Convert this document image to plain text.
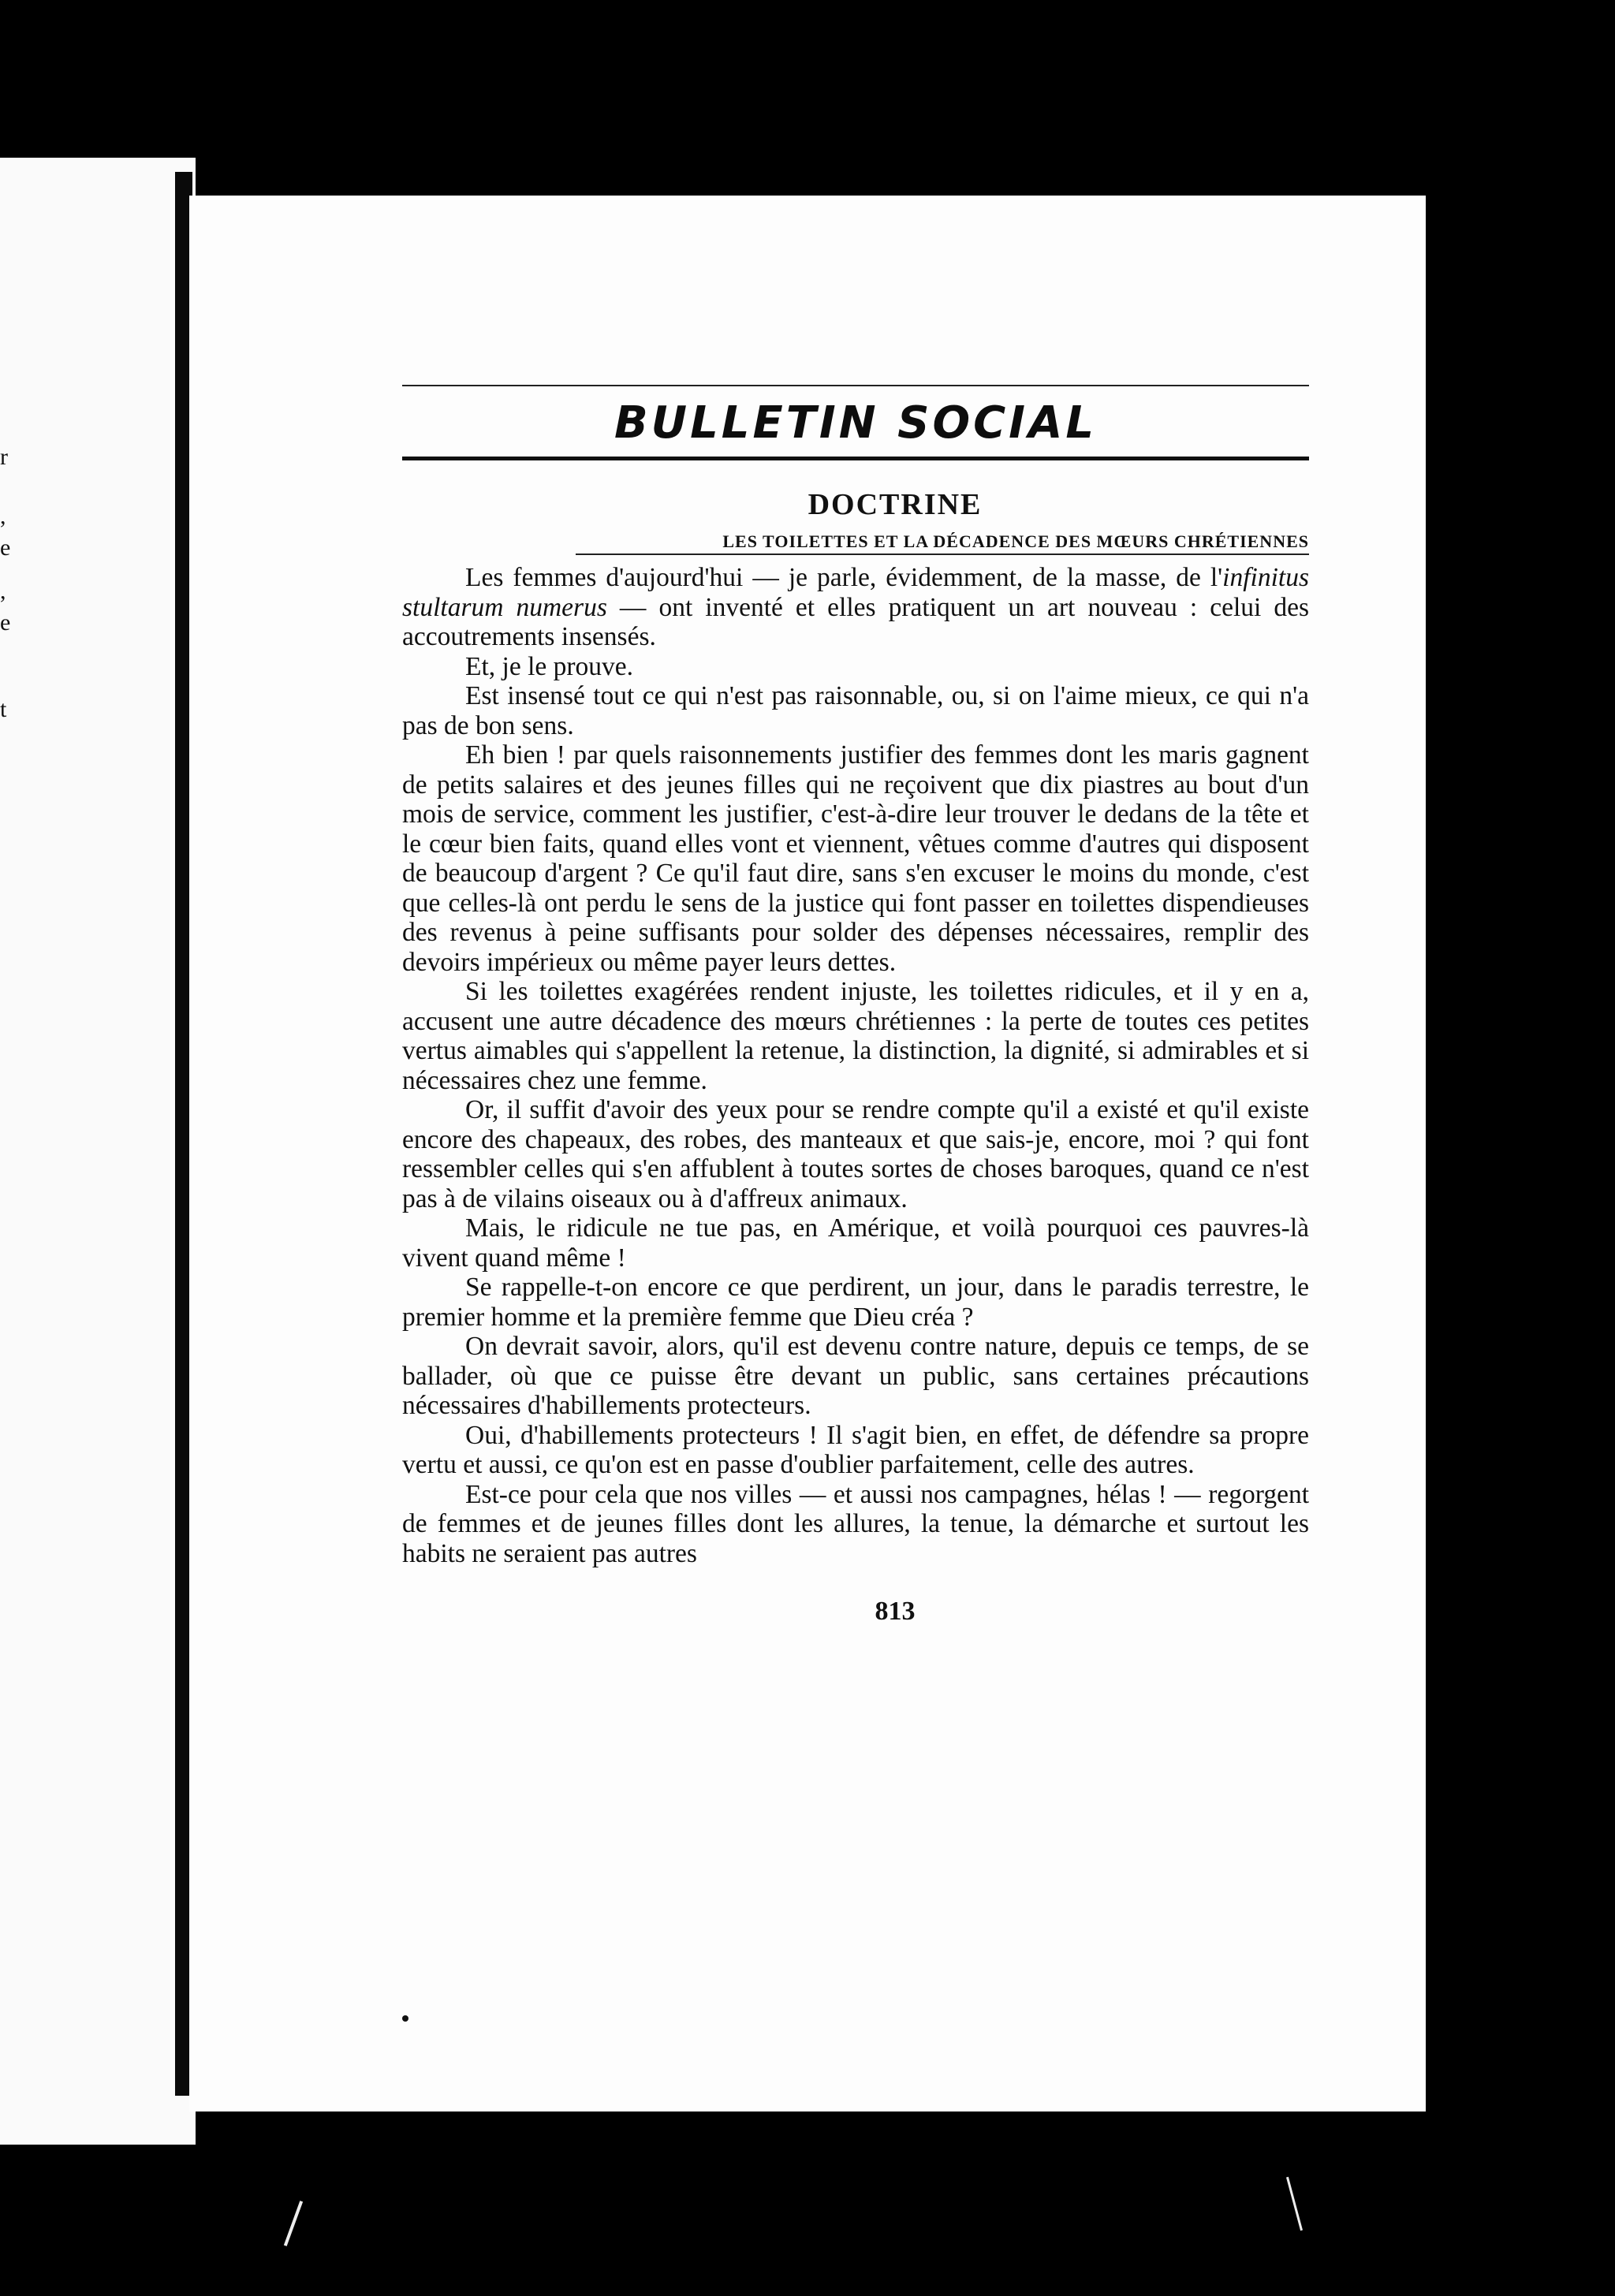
r
,
e
,
e
t
BULLETIN SOCIAL
DOCTRINE
LES TOILETTES ET LA DÉCADENCE DES MŒURS CHRÉTIENNES

Les femmes d'aujourd'hui — je parle, évidemment, de la masse, de l'infinitus stultarum numerus — ont inventé et elles pratiquent un art nouveau : celui des accoutrements insensés.

Et, je le prouve.

Est insensé tout ce qui n'est pas raisonnable, ou, si on l'aime mieux, ce qui n'a pas de bon sens.

Eh bien ! par quels raisonnements justifier des femmes dont les maris gagnent de petits salaires et des jeunes filles qui ne reçoivent que dix piastres au bout d'un mois de service, comment les justifier, c'est-à-dire leur trouver le dedans de la tête et le cœur bien faits, quand elles vont et viennent, vêtues comme d'autres qui disposent de beaucoup d'argent ? Ce qu'il faut dire, sans s'en excuser le moins du monde, c'est que celles-là ont perdu le sens de la justice qui font passer en toilettes dispendieuses des revenus à peine suffisants pour solder des dépenses nécessaires, remplir des devoirs impérieux ou même payer leurs dettes.

Si les toilettes exagérées rendent injuste, les toilettes ridicules, et il y en a, accusent une autre décadence des mœurs chrétiennes : la perte de toutes ces petites vertus aimables qui s'appellent la retenue, la distinction, la dignité, si admirables et si nécessaires chez une femme.

Or, il suffit d'avoir des yeux pour se rendre compte qu'il a existé et qu'il existe encore des chapeaux, des robes, des manteaux et que sais-je, encore, moi ? qui font ressembler celles qui s'en affublent à toutes sortes de choses baroques, quand ce n'est pas à de vilains oiseaux ou à d'affreux animaux.

Mais, le ridicule ne tue pas, en Amérique, et voilà pourquoi ces pauvres-là vivent quand même !

Se rappelle-t-on encore ce que perdirent, un jour, dans le paradis terrestre, le premier homme et la première femme que Dieu créa ?

On devrait savoir, alors, qu'il est devenu contre nature, depuis ce temps, de se ballader, où que ce puisse être devant un public, sans certaines précautions nécessaires d'habillements protecteurs.

Oui, d'habillements protecteurs ! Il s'agit bien, en effet, de défendre sa propre vertu et aussi, ce qu'on est en passe d'oublier parfaitement, celle des autres.

Est-ce pour cela que nos villes — et aussi nos campagnes, hélas ! — regorgent de femmes et de jeunes filles dont les allures, la tenue, la démarche et surtout les habits ne seraient pas autres

813
